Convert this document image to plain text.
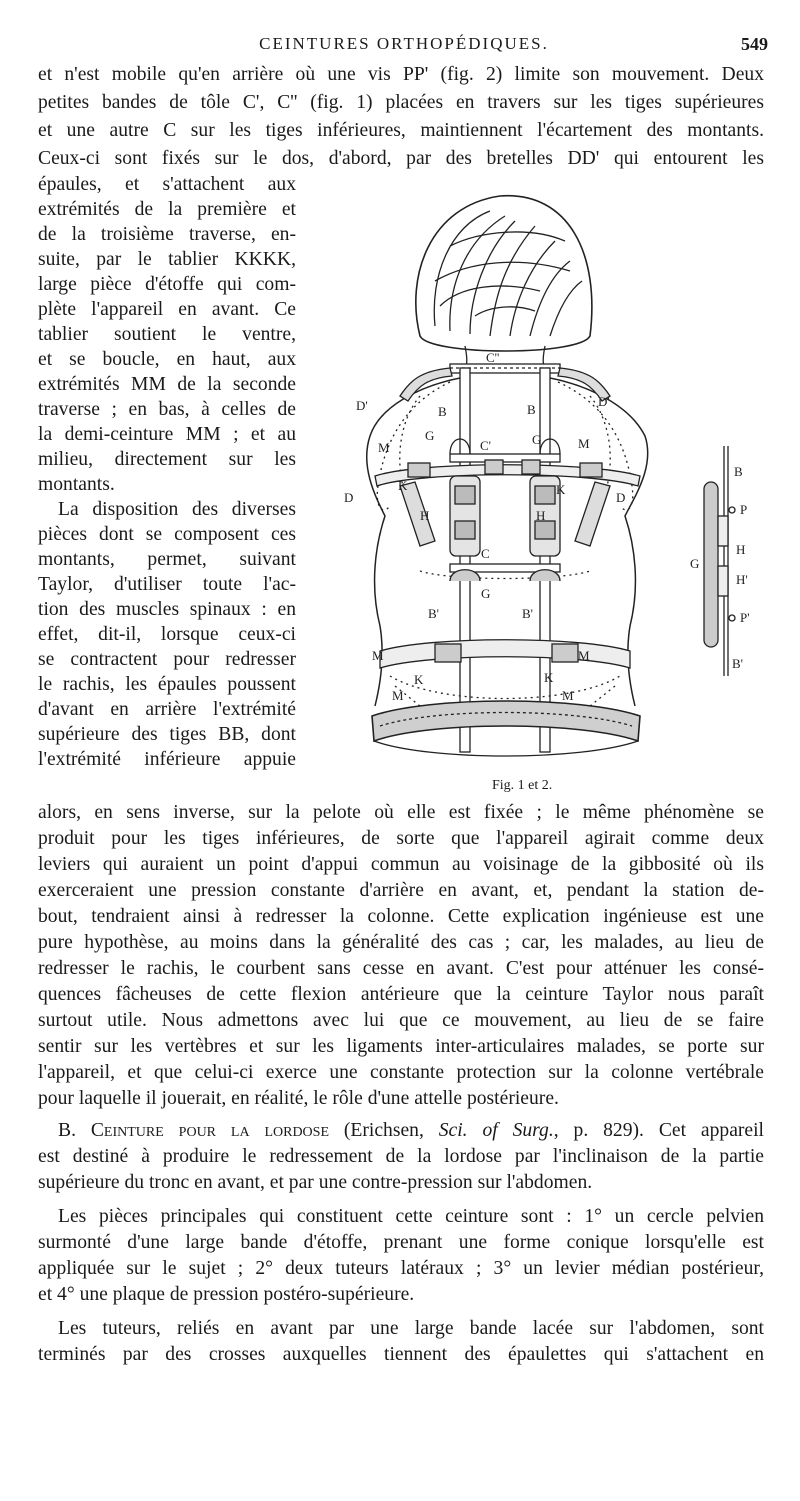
CEINTURES ORTHOPÉDIQUES.	549
et n'est mobile qu'en arrière où une vis PP' (fig. 2) limite son mouvement. Deux
petites bandes de tôle C', C'' (fig. 1) placées en travers sur les tiges supérieures
et une autre C sur les tiges inférieures, maintiennent l'écartement des montants.
Ceux-ci sont fixés sur le dos, d'abord, par des bretelles DD' qui entourent les
épaules, et s'attachent aux
extrémités de la première et
de la troisième traverse, en-
suite, par le tablier KKKK,
large pièce d'étoffe qui com-
plète l'appareil en avant. Ce
tablier soutient le ventre,
et se boucle, en haut, aux
extrémités MM de la seconde
traverse ; en bas, à celles de
la demi-ceinture MM ; et au
milieu, directement sur les
montants.
La disposition des diverses
pièces dont se composent ces
montants, permet, suivant
Taylor, d'utiliser toute l'ac-
tion des muscles spinaux : en
effet, dit-il, lorsque ceux-ci
se contractent pour redresser
le rachis, les épaules poussent
d'avant en arrière l'extrémité
supérieure des tiges BB, dont
l'extrémité inférieure appuie
alors, en sens inverse, sur la pelote où elle est fixée ; le même phénomène se
produit pour les tiges inférieures, de sorte que l'appareil agirait comme deux
leviers qui auraient un point d'appui commun au voisinage de la gibbosité où ils
exerceraient une pression constante d'arrière en avant, et, pendant la station de-
bout, tendraient ainsi à redresser la colonne. Cette explication ingénieuse est une
pure hypothèse, au moins dans la généralité des cas ; car, les malades, au lieu de
redresser le rachis, le courbent sans cesse en avant. C'est pour atténuer les consé-
quences fâcheuses de cette flexion antérieure que la ceinture Taylor nous paraît
surtout utile. Nous admettons avec lui que ce mouvement, au lieu de se faire
sentir sur les vertèbres et sur les ligaments inter-articulaires malades, se porte sur
l'appareil, et que celui-ci exerce une constante protection sur la colonne vertébrale
pour laquelle il jouerait, en réalité, le rôle d'une attelle postérieure.
B. Ceinture pour la lordose (Erichsen, Sci. of Surg., p. 829). Cet appareil
est destiné à produire le redressement de la lordose par l'inclinaison de la partie
supérieure du tronc en avant, et par une contre-pression sur l'abdomen.
Les pièces principales qui constituent cette ceinture sont : 1° un cercle pelvien
surmonté d'une large bande d'étoffe, prenant une forme conique lorsqu'elle est
appliquée sur le sujet ; 2° deux tuteurs latéraux ; 3° un levier médian postérieur,
et 4° une plaque de pression postéro-supérieure.
Les tuteurs, reliés en avant par une large bande lacée sur l'abdomen, sont
terminés par des crosses auxquelles tiennent des épaulettes qui s'attachent en
C''
D'	D'
B	B
G
C'	G
M	M
K	K
D	D
H	H
C
G
B'	B'
M	M
K	K
M	M
B
P
H
H'
P'
G
B'
Fig. 1 et 2.
